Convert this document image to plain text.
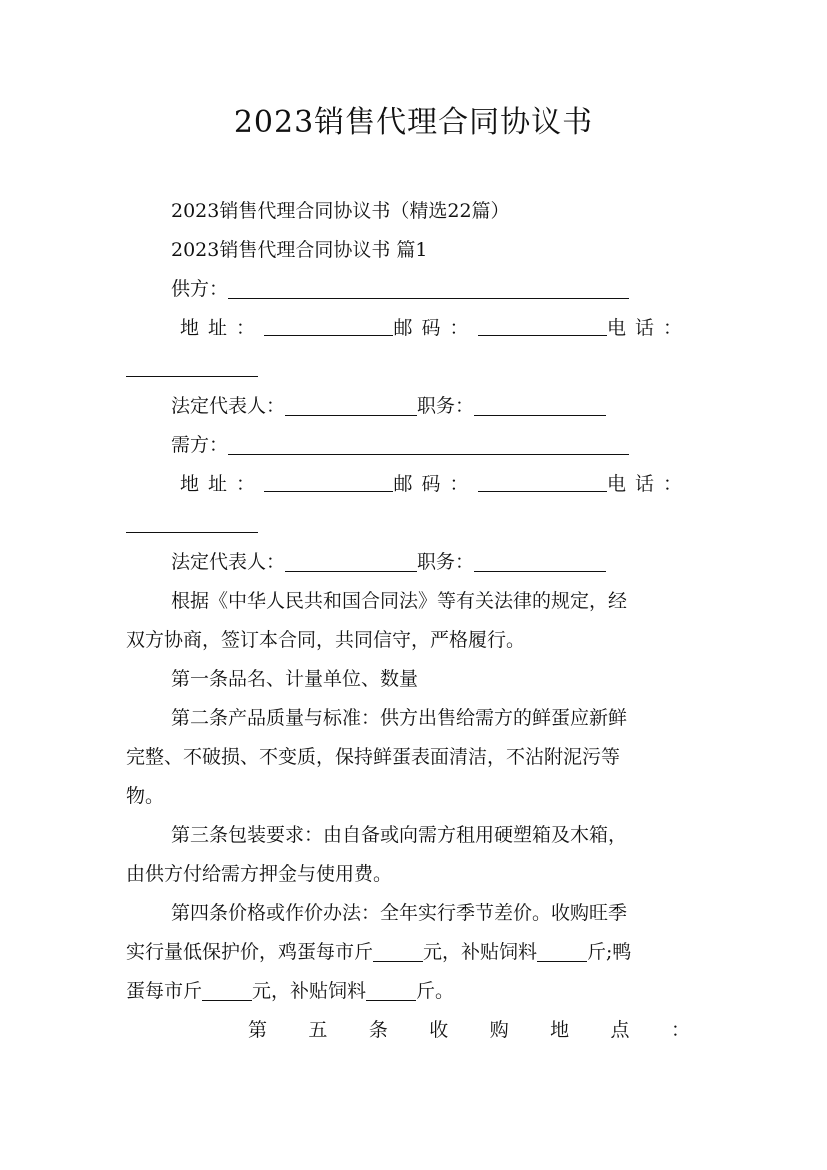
2023销售代理合同协议书
2023销售代理合同协议书（精选22篇）
2023销售代理合同协议书 篇1
供方：
地址：	邮码：	电话：
法定代表人：	职务：
需方：
地址：	邮码：	电话：
法定代表人：	职务：
根据《中华人民共和国合同法》等有关法律的规定，经
双方协商，签订本合同，共同信守，严格履行。
第一条品名、计量单位、数量
第二条产品质量与标准：供方出售给需方的鲜蛋应新鲜
完整、不破损、不变质，保持鲜蛋表面清洁，不沾附泥污等
物。
第三条包装要求：由自备或向需方租用硬塑箱及木箱，
由供方付给需方押金与使用费。
第四条价格或作价办法：全年实行季节差价。收购旺季
实行量低保护价，鸡蛋每市斤	元，补贴饲料	斤;鸭
蛋每市斤	元，补贴饲料	斤。
第 五 条 收 购 地 点 ：
